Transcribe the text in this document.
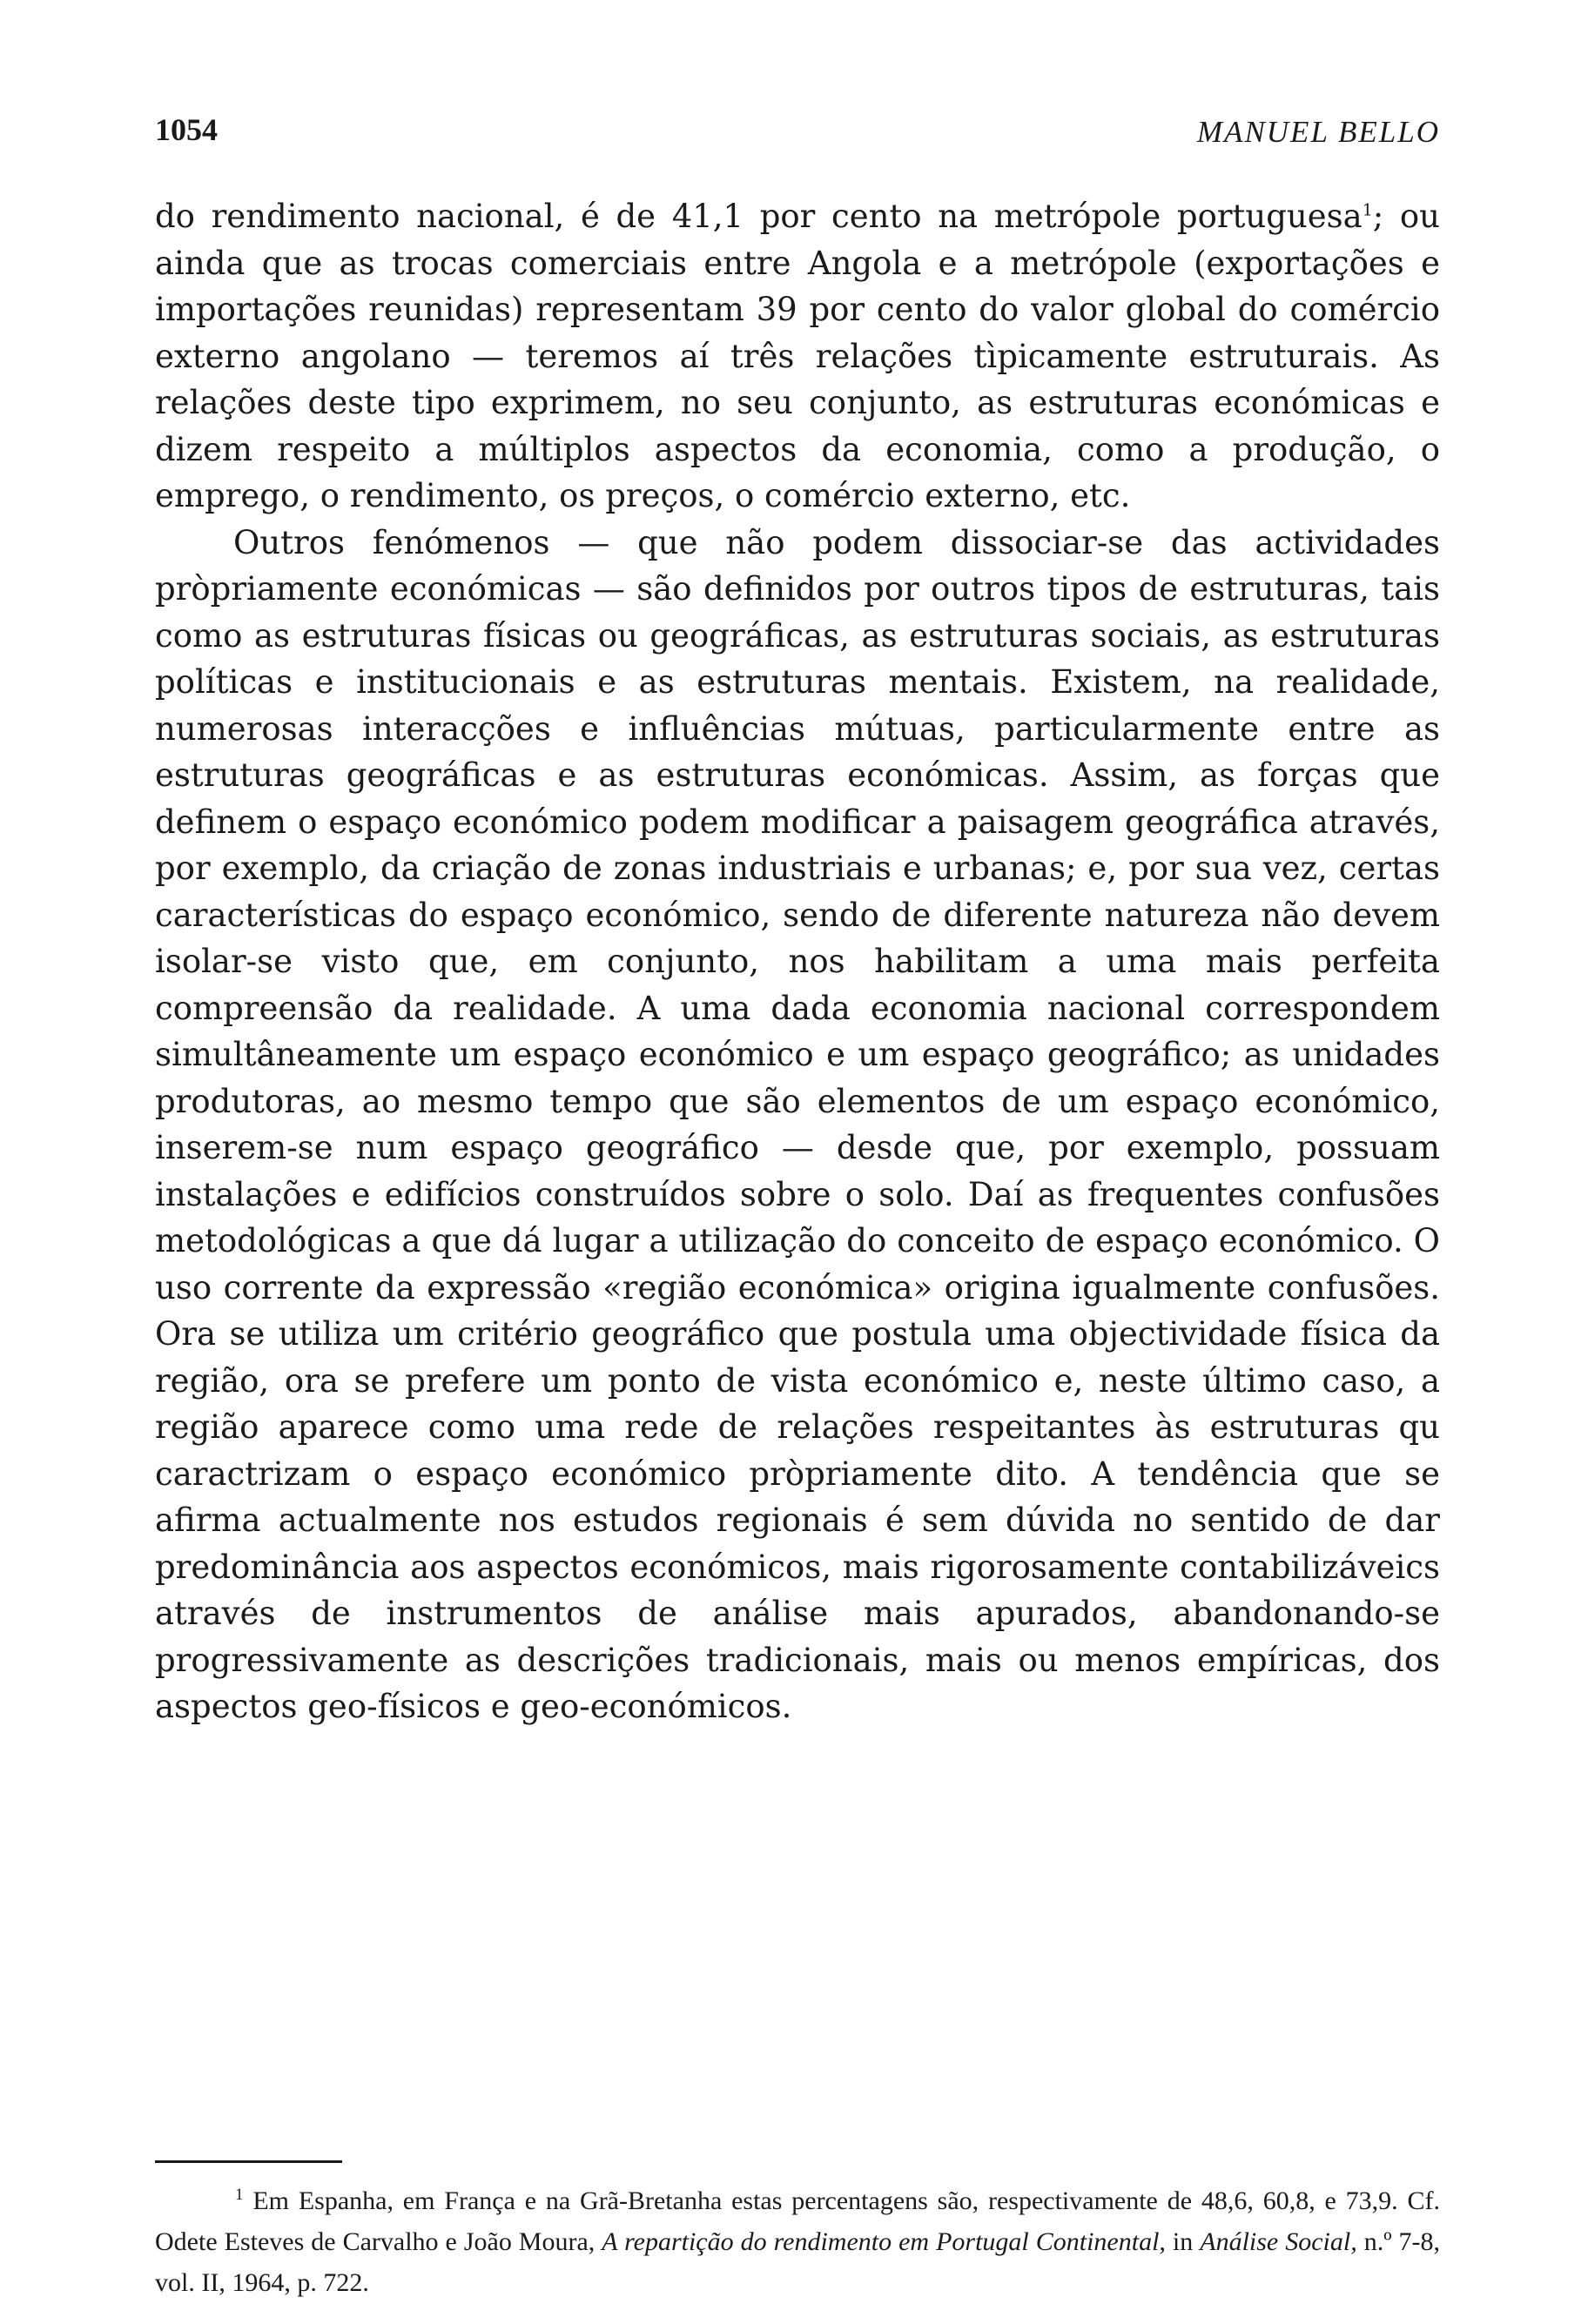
1054	MANUEL BELLO

do rendimento nacional, é de 41,1 por cento na metrópole portuguesa$^1$; ou ainda que as trocas comerciais entre Angola e a metrópole (exportações e importações reunidas) representam 39 por cento do valor global do comércio externo angolano — teremos aí três relações tìpicamente estruturais. As relações deste tipo exprimem, no seu conjunto, as estruturas económicas e dizem respeito a múltiplos aspectos da economia, como a produção, o emprego, o rendimento, os preços, o comércio externo, etc.

Outros fenómenos — que não podem dissociar-se das actividades pròpriamente económicas — são definidos por outros tipos de estruturas, tais como as estruturas físicas ou geográficas, as estruturas sociais, as estruturas políticas e institucionais e as estruturas mentais. Existem, na realidade, numerosas interacções e influências mútuas, particularmente entre as estruturas geográficas e as estruturas económicas. Assim, as forças que definem o espaço económico podem modificar a paisagem geográfica através, por exemplo, da criação de zonas industriais e urbanas; e, por sua vez, certas características do espaço económico, sendo de diferente natureza não devem isolar-se visto que, em conjunto, nos habilitam a uma mais perfeita compreensão da realidade. A uma dada economia nacional correspondem simultâneamente um espaço económico e um espaço geográfico; as unidades produtoras, ao mesmo tempo que são elementos de um espaço económico, inserem-se num espaço geográfico — desde que, por exemplo, possuam instalações e edifícios construídos sobre o solo. Daí as frequentes confusões metodológicas a que dá lugar a utilização do conceito de espaço económico. O uso corrente da expressão «região económica» origina igualmente confusões. Ora se utiliza um critério geográfico que postula uma objectividade física da região, ora se prefere um ponto de vista económico e, neste último caso, a região aparece como uma rede de relações respeitantes às estruturas qu caractrizam o espaço económico pròpriamente dito. A tendência que se afirma actualmente nos estudos regionais é sem dúvida no sentido de dar predominância aos aspectos económicos, mais rigorosamente contabilizáveics através de instrumentos de análise mais apurados, abandonando-se progressivamente as descrições tradicionais, mais ou menos empíricas, dos aspectos geo-físicos e geo-económicos.

$^1$ Em Espanha, em França e na Grã-Bretanha estas percentagens são, respectivamente de 48,6, 60,8, e 73,9. Cf. Odete Esteves de Carvalho e João Moura, A repartição do rendimento em Portugal Continental, in Análise Social, n.º 7-8, vol. II, 1964, p. 722.
